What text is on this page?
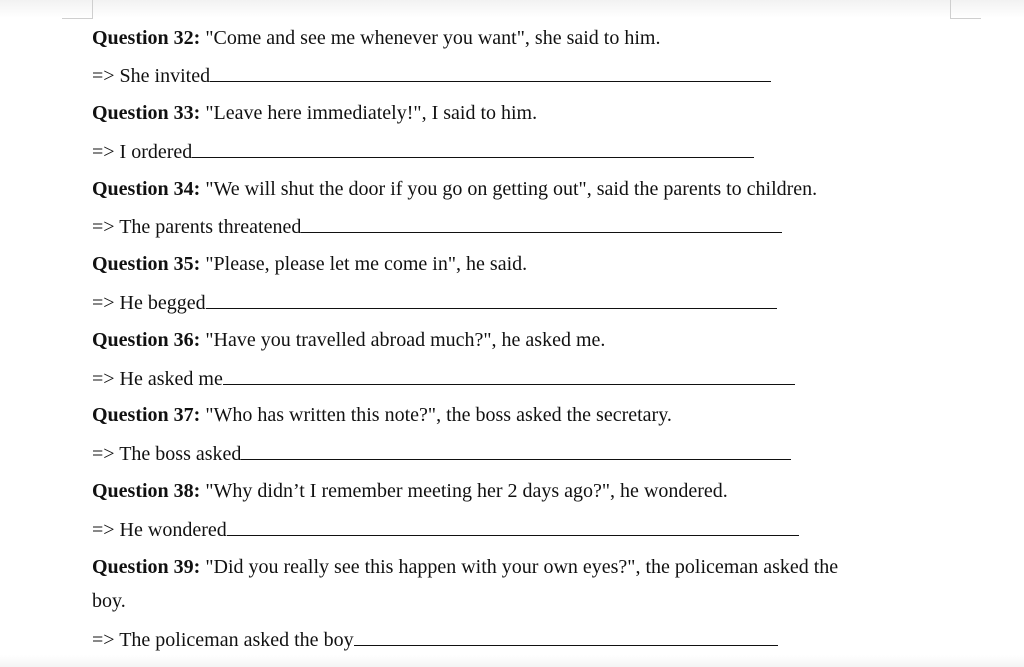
Question 32: "Come and see me whenever you want", she said to him.
=> She invited
Question 33: "Leave here immediately!", I said to him.
=> I ordered
Question 34: "We will shut the door if you go on getting out", said the parents to children.
=> The parents threatened
Question 35: "Please, please let me come in", he said.
=> He begged
Question 36: "Have you travelled abroad much?", he asked me.
=> He asked me
Question 37: "Who has written this note?", the boss asked the secretary.
=> The boss asked
Question 38: "Why didn’t I remember meeting her 2 days ago?", he wondered.
=> He wondered
Question 39: "Did you really see this happen with your own eyes?", the policeman asked the
boy.
=> The policeman asked the boy
